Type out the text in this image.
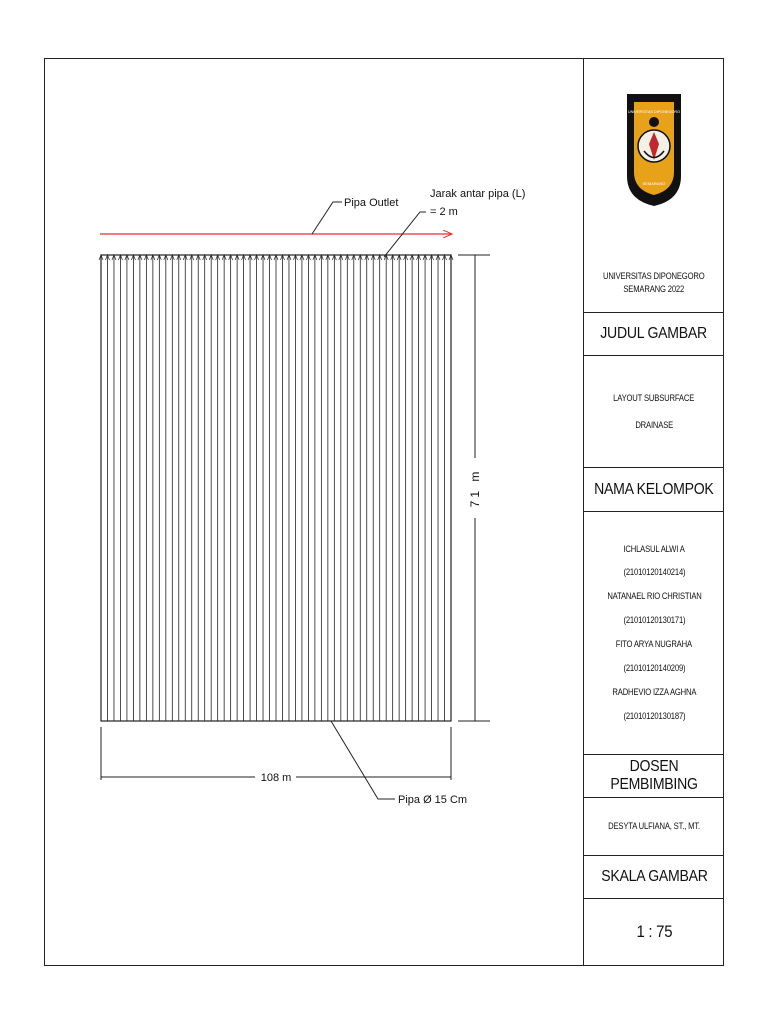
71 m
108 m
Pipa Ø 15 Cm
Pipa Outlet
Jarak antar pipa (L)
= 2 m
UNIVERSITAS DIPONEGORO
SEMARANG
UNIVERSITAS DIPONEGORO
SEMARANG 2022
JUDUL GAMBAR
LAYOUT SUBSURFACE
DRAINASE
NAMA KELOMPOK
ICHLASUL ALWI A
(21010120140214)
NATANAEL RIO CHRISTIAN
(21010120130171)
FITO ARYA NUGRAHA
(21010120140209)
RADHEVIO IZZA AGHNA
(21010120130187)
DOSEN PEMBIMBING
DESYTA ULFIANA, ST., MT.
SKALA GAMBAR
1 : 75
